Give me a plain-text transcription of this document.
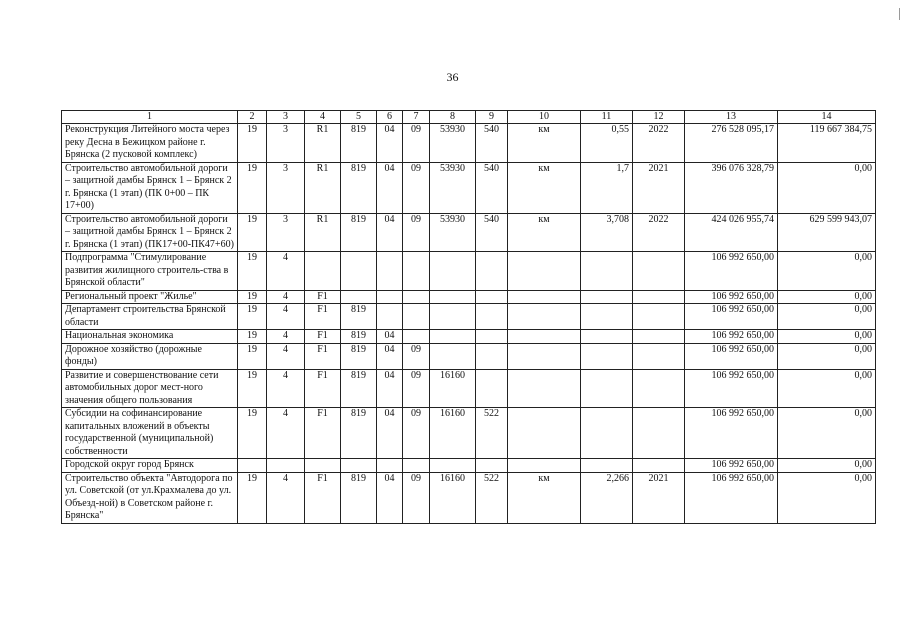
36
1	2	3	4	5	6	7	8	9	10	11	12	13	14
Реконструкция Литейного моста через реку Десна в Бежицком районе г. Брянска (2 пусковой комплекс)	19	3	R1	819	04	09	53930	540	км	0,55	2022	276 528 095,17	119 667 384,75
Строительство автомобильной дороги – защитной дамбы Брянск 1 – Брянск 2 г. Брянска (1 этап) (ПК 0+00 – ПК 17+00)	19	3	R1	819	04	09	53930	540	км	1,7	2021	396 076 328,79	0,00
Строительство автомобильной дороги – защитной дамбы Брянск 1 – Брянск 2 г. Брянска (1 этап) (ПК17+00-ПК47+60)	19	3	R1	819	04	09	53930	540	км	3,708	2022	424 026 955,74	629 599 943,07
Подпрограмма "Стимулирование развития жилищного строитель-ства в Брянской области"	19	4										106 992 650,00	0,00
Региональный проект "Жилье"	19	4	F1									106 992 650,00	0,00
Департамент строительства Брянской области	19	4	F1	819								106 992 650,00	0,00
Национальная экономика	19	4	F1	819	04							106 992 650,00	0,00
Дорожное хозяйство (дорожные фонды)	19	4	F1	819	04	09						106 992 650,00	0,00
Развитие и совершенствование сети автомобильных дорог мест-ного значения общего пользования	19	4	F1	819	04	09	16160					106 992 650,00	0,00
Субсидии на софинансирование капитальных вложений в объекты государственной (муниципальной) собственности	19	4	F1	819	04	09	16160	522				106 992 650,00	0,00
Городской округ город Брянск												106 992 650,00	0,00
Строительство объекта "Автодорога по ул. Советской (от ул.Крахмалева до ул. Объезд-ной) в Советском районе г. Брянска"	19	4	F1	819	04	09	16160	522	км	2,266	2021	106 992 650,00	0,00
